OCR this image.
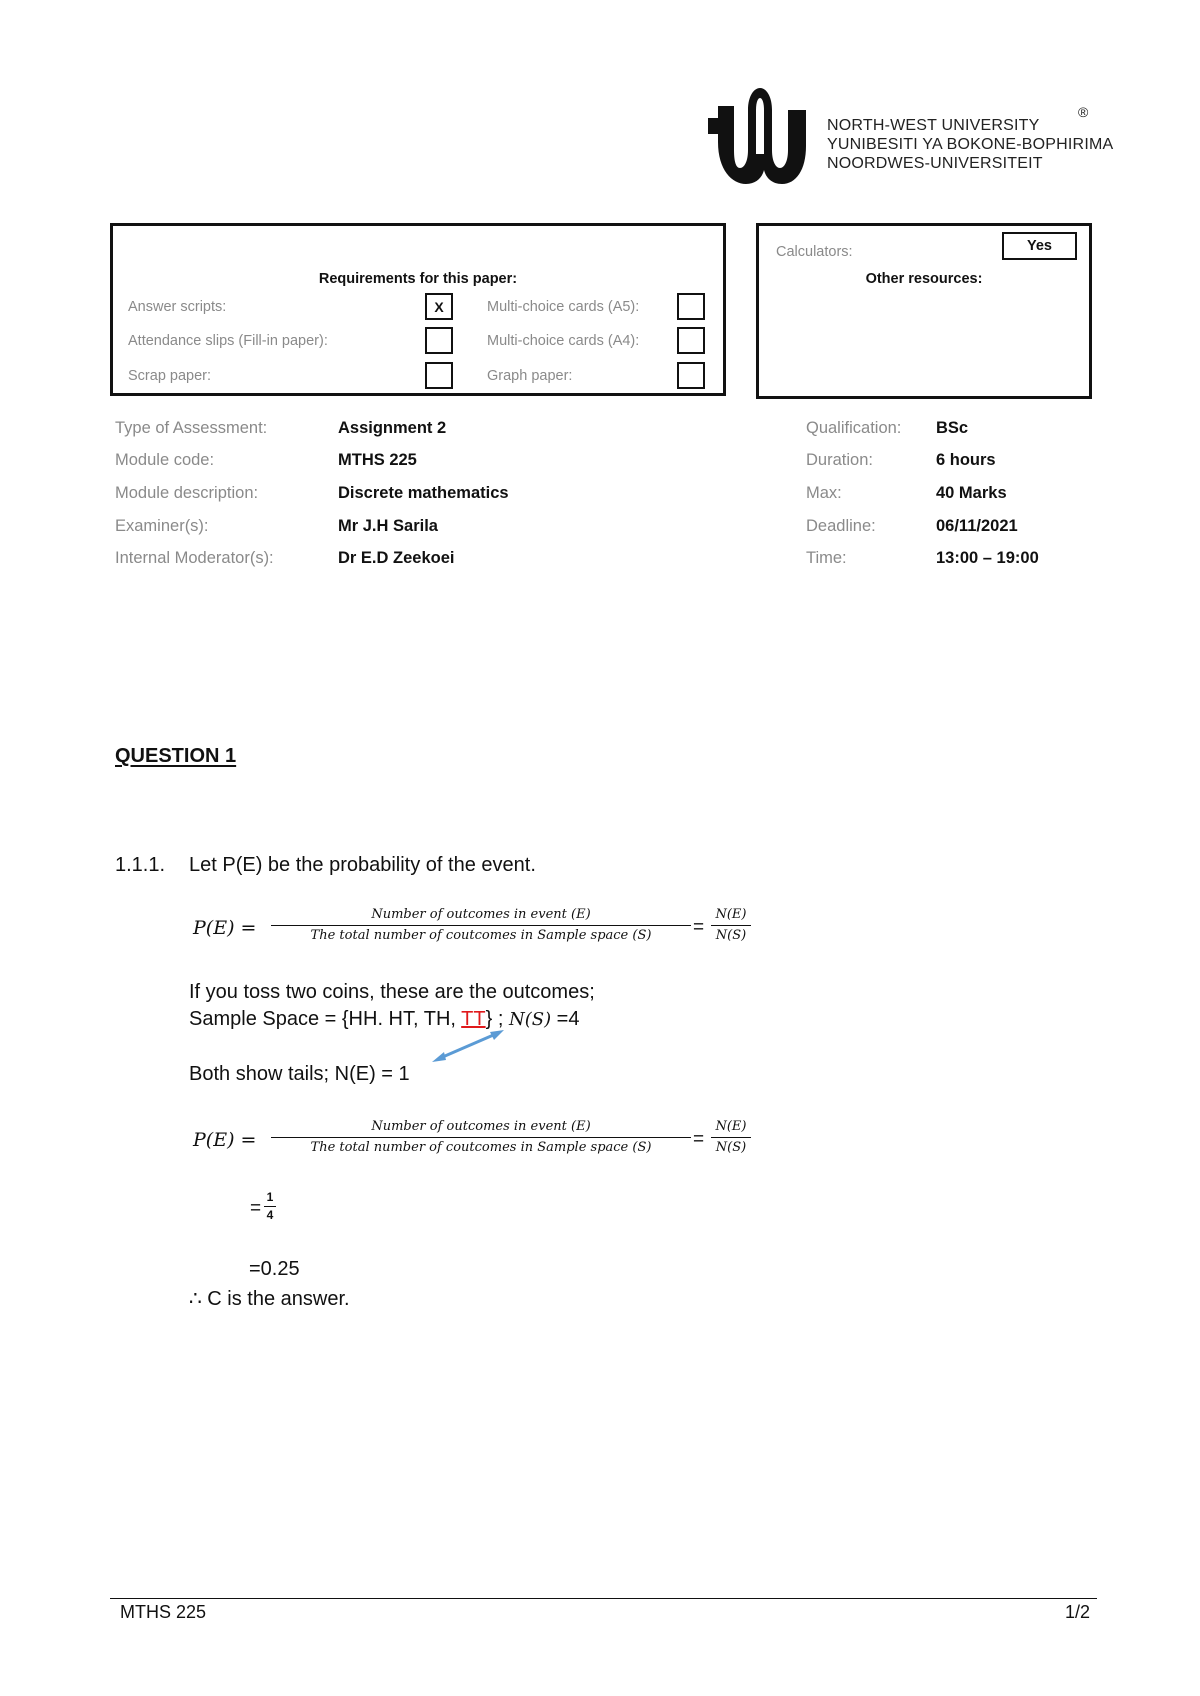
NORTH-WEST UNIVERSITY
YUNIBESITI YA BOKONE-BOPHIRIMA
NOORDWES-UNIVERSITEIT
®
Requirements for this paper:
Answer scripts:	X
Attendance slips (Fill-in paper):
Scrap paper:
Multi-choice cards (A5):
Multi-choice cards (A4):
Graph paper:
Calculators:	Yes
Other resources:
Type of Assessment:	Assignment 2
Module code:	MTHS 225
Module description:	Discrete mathematics
Examiner(s):	Mr J.H Sarila
Internal Moderator(s):	Dr E.D Zeekoei
Qualification: BSc
Duration:	6 hours
Max:	40 Marks
Deadline:	06/11/2021
Time:	13:00 – 19:00
QUESTION 1
1.1.1. Let P(E) be the probability of the event.
P(E) =
Number of outcomes in event (E)
The total number of coutcomes in Sample space (S)	=
N(E)
N(S)
If you toss two coins, these are the outcomes;
Sample Space = {HH. HT, TH, TT} ; N(S) =4
Both show tails; N(E) = 1
P(E) =
Number of outcomes in event (E)
The total number of coutcomes in Sample space (S)	=
N(E)
N(S)
=
1
4
=0.25
∴ C is the answer.
MTHS 225	1/2
